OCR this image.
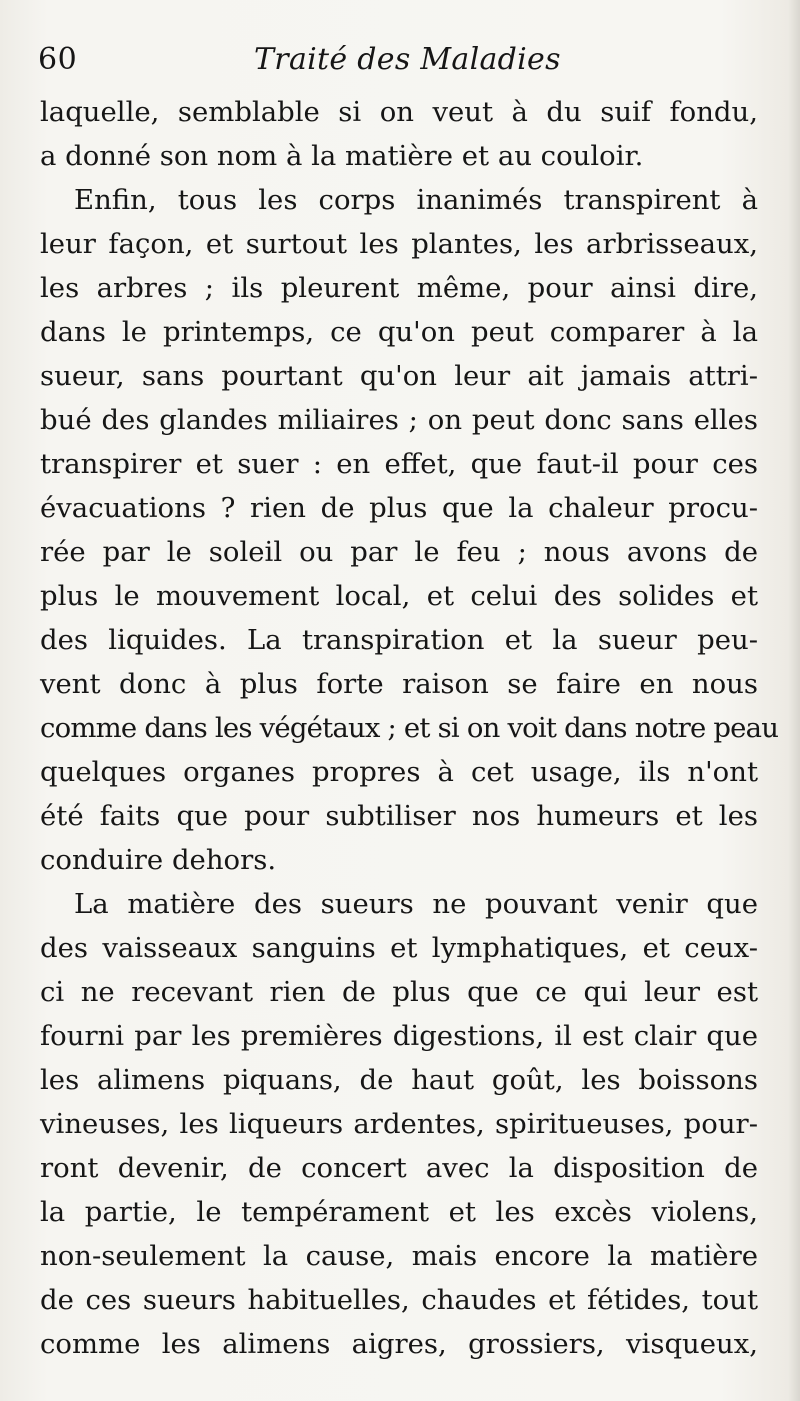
60	Traité des Maladies
laquelle, semblable si on veut à du suif fondu,
a donné son nom à la matière et au couloir.
Enfin, tous les corps inanimés transpirent à
leur façon, et surtout les plantes, les arbrisseaux,
les arbres ; ils pleurent même, pour ainsi dire,
dans le printemps, ce qu'on peut comparer à la
sueur, sans pourtant qu'on leur ait jamais attri-
bué des glandes miliaires ; on peut donc sans elles
transpirer et suer : en effet, que faut-il pour ces
évacuations ? rien de plus que la chaleur procu-
rée par le soleil ou par le feu ; nous avons de
plus le mouvement local, et celui des solides et
des liquides. La transpiration et la sueur peu-
vent donc à plus forte raison se faire en nous
comme dans les végétaux ; et si on voit dans notre peau
quelques organes propres à cet usage, ils n'ont
été faits que pour subtiliser nos humeurs et les
conduire dehors.
La matière des sueurs ne pouvant venir que
des vaisseaux sanguins et lymphatiques, et ceux-
ci ne recevant rien de plus que ce qui leur est
fourni par les premières digestions, il est clair que
les alimens piquans, de haut goût, les boissons
vineuses, les liqueurs ardentes, spiritueuses, pour-
ront devenir, de concert avec la disposition de
la partie, le tempérament et les excès violens,
non-seulement la cause, mais encore la matière
de ces sueurs habituelles, chaudes et fétides, tout
comme les alimens aigres, grossiers, visqueux,
